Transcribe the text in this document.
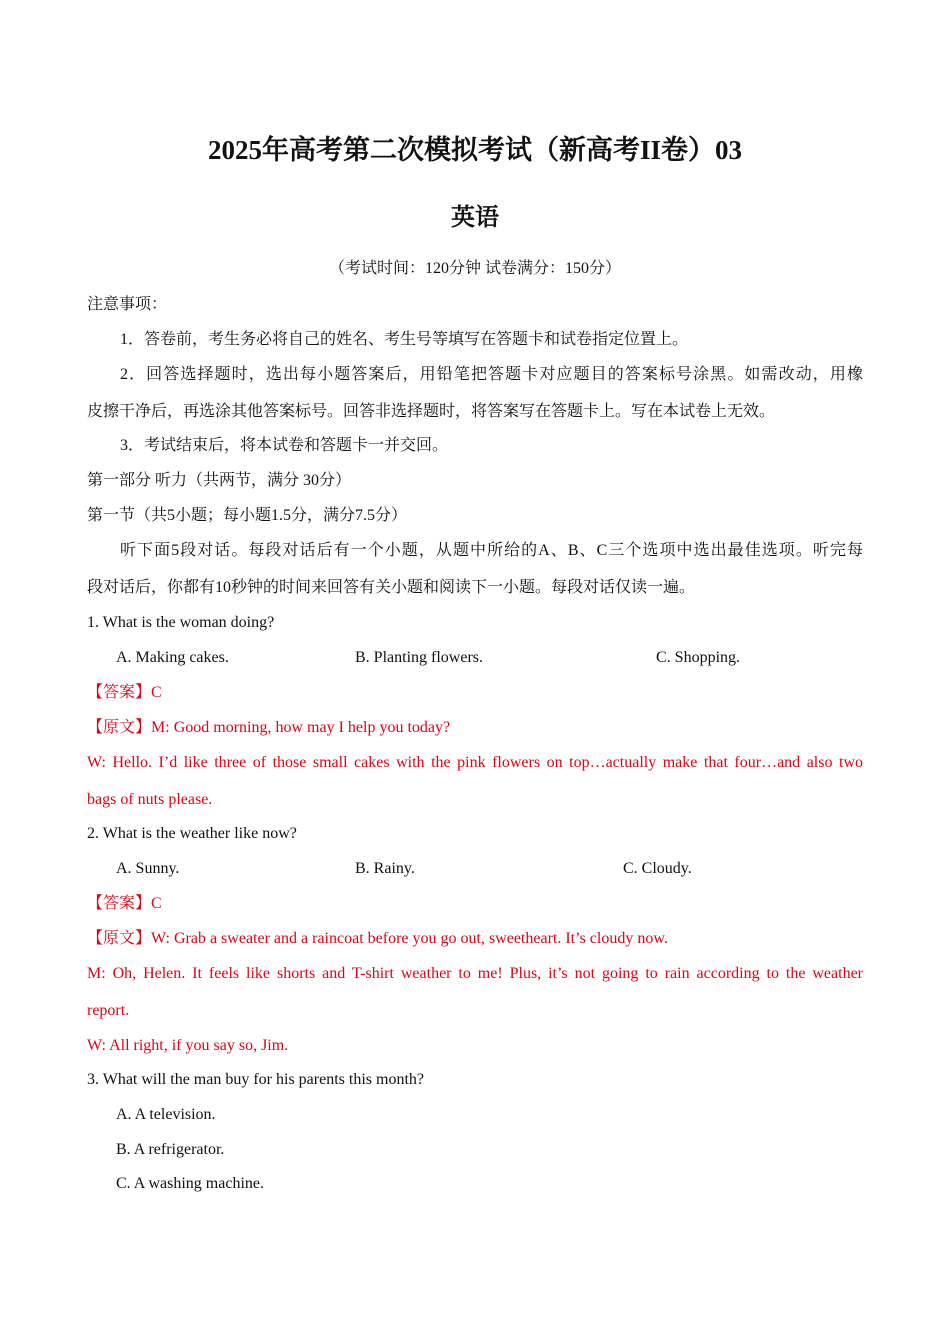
2025年高考第二次模拟考试（新高考II卷）03
英语
（考试时间：120分钟 试卷满分：150分）
注意事项：
1．答卷前，考生务必将自己的姓名、考生号等填写在答题卡和试卷指定位置上。
2．回答选择题时，选出每小题答案后，用铅笔把答题卡对应题目的答案标号涂黑。如需改动，用橡
皮擦干净后，再选涂其他答案标号。回答非选择题时，将答案写在答题卡上。写在本试卷上无效。
3．考试结束后，将本试卷和答题卡一并交回。
第一部分 听力（共两节，满分 30分）
第一节（共5小题；每小题1.5分，满分7.5分）
听下面5段对话。每段对话后有一个小题，从题中所给的A、B、C三个选项中选出最佳选项。听完每
段对话后，你都有10秒钟的时间来回答有关小题和阅读下一小题。每段对话仅读一遍。
1. What is the woman doing?
A. Making cakes.	B. Planting flowers.	C. Shopping.
【答案】C
【原文】M: Good morning, how may I help you today?
W: Hello. I’d like three of those small cakes with the pink flowers on top…actually make that four…and also two
bags of nuts please.
2. What is the weather like now?
A. Sunny.	B. Rainy.	C. Cloudy.
【答案】C
【原文】W: Grab a sweater and a raincoat before you go out, sweetheart. It’s cloudy now.
M: Oh, Helen. It feels like shorts and T-shirt weather to me! Plus, it’s not going to rain according to the weather
report.
W: All right, if you say so, Jim.
3. What will the man buy for his parents this month?
A. A television.
B. A refrigerator.
C. A washing machine.
